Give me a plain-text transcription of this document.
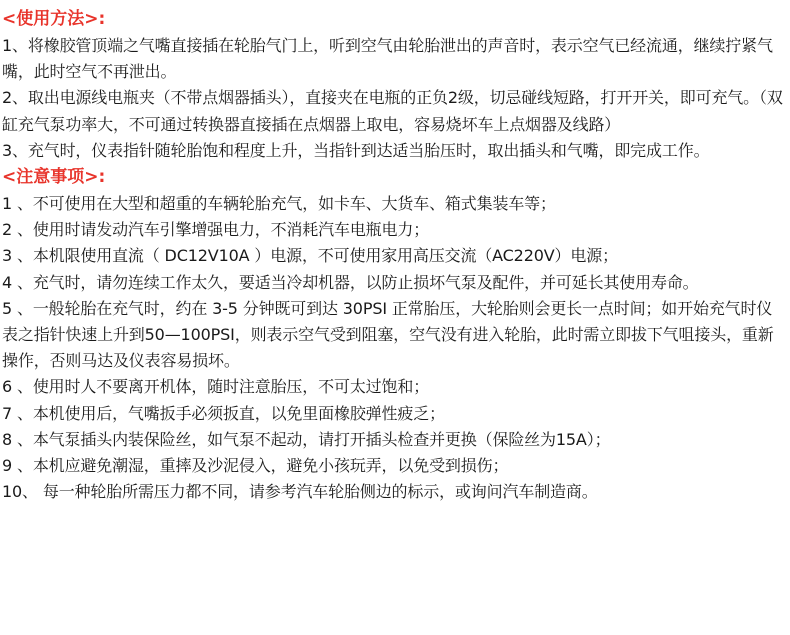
<使用方法>:

1、将橡胶管顶端之气嘴直接插在轮胎气门上，听到空气由轮胎泄出的声音时，表示空气已经流通，继续拧紧气嘴，此时空气不再泄出。

2、取出电源线电瓶夹（不带点烟器插头），直接夹在电瓶的正负2级，切忌碰线短路，打开开关，即可充气。（双缸充气泵功率大，不可通过转换器直接插在点烟器上取电，容易烧坏车上点烟器及线路）

3、充气时，仪表指针随轮胎饱和程度上升，当指针到达适当胎压时，取出插头和气嘴，即完成工作。

<注意事项>:

1 、不可使用在大型和超重的车辆轮胎充气，如卡车、大货车、箱式集装车等；

2 、使用时请发动汽车引擎增强电力，不消耗汽车电瓶电力；

3 、本机限使用直流（ DC12V10A ）电源，不可使用家用高压交流（AC220V）电源；

4 、充气时，请勿连续工作太久，要适当冷却机器，以防止损坏气泵及配件，并可延长其使用寿命。

5 、一般轮胎在充气时，约在 3-5 分钟既可到达 30PSI 正常胎压，大轮胎则会更长一点时间；如开始充气时仪表之指针快速上升到50—100PSI，则表示空气受到阻塞，空气没有进入轮胎，此时需立即拔下气咀接头，重新操作，否则马达及仪表容易损坏。

6 、使用时人不要离开机体，随时注意胎压，不可太过饱和；

7 、本机使用后，气嘴扳手必须扳直，以免里面橡胶弹性疲乏；

8 、本气泵插头内装保险丝，如气泵不起动，请打开插头检查并更换（保险丝为15A）；

9 、本机应避免潮湿，重摔及沙泥侵入，避免小孩玩弄，以免受到损伤；

10、 每一种轮胎所需压力都不同，请参考汽车轮胎侧边的标示，或询问汽车制造商。
